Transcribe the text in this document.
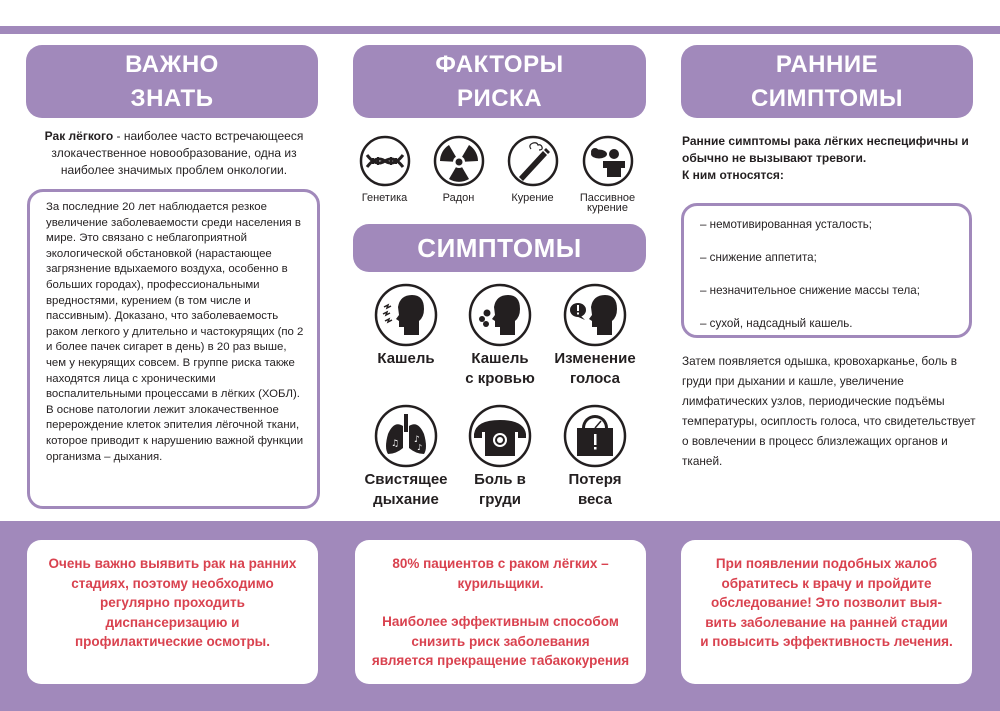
ВАЖНО
ЗНАТЬ
Рак лёгкого - наиболее часто встречающееся злокачественное новообразование, одна из наиболее значимых проблем онкологии.

За последние 20 лет наблюдается резкое увеличение заболеваемости среди населения в мире. Это связано с неблагоприятной экологической обстановкой (нарастающее загрязнение вдыхаемого воздуха, особенно в больших городах), профессиональными вредностями, курением (в том числе и пассивным). Доказано, что заболеваемость раком легкого у длительно и частокурящих (по 2 и более пачек сигарет в день) в 20 раз выше, чем у некурящих совсем. В группе риска также находятся лица с хроническими воспалительными процессами в лёгких (ХОБЛ).

В основе патологии лежит злокачественное перерождение клеток эпителия лёгочной ткани, которое приводит к нарушению важной функции организма – дыхания.

ФАКТОРЫ
РИСКА
Генетика	Радон	Курение	Пассивное курение
СИМПТОМЫ
Кашель	Кашель
с кровью
Изменение
голоса
♫ ♪
♪
Свистящее
дыхание
Боль в
груди
Потеря
веса
РАННИЕ
СИМПТОМЫ
Ранние симптомы рака лёгких неспецифичны и
обычно не вызывают тревоги.
К ним относятся:
– немотивированная усталость;
– снижение аппетита;
– незначительное снижение массы тела;
– сухой, надсадный кашель.
Затем появляется одышка, кровохарканье, боль в груди при дыхании и кашле, увеличение лимфатических узлов, периодические подъёмы температуры, осиплость голоса, что свидетельствует о вовлечении в процесс близлежащих органов и тканей.

Очень важно выявить рак на ранних

стадиях, поэтому необходимо

регулярно проходить

диспансеризацию и

профилактические осмотры.

80% пациентов с раком лёгких –

курильщики.

Наиболее эффективным способом

снизить риск заболевания

является прекращение табакокурения

При появлении подобных жалоб

обратитесь к врачу и пройдите

обследование! Это позволит выя-

вить заболевание на ранней стадии

и повысить эффективность лечения.
